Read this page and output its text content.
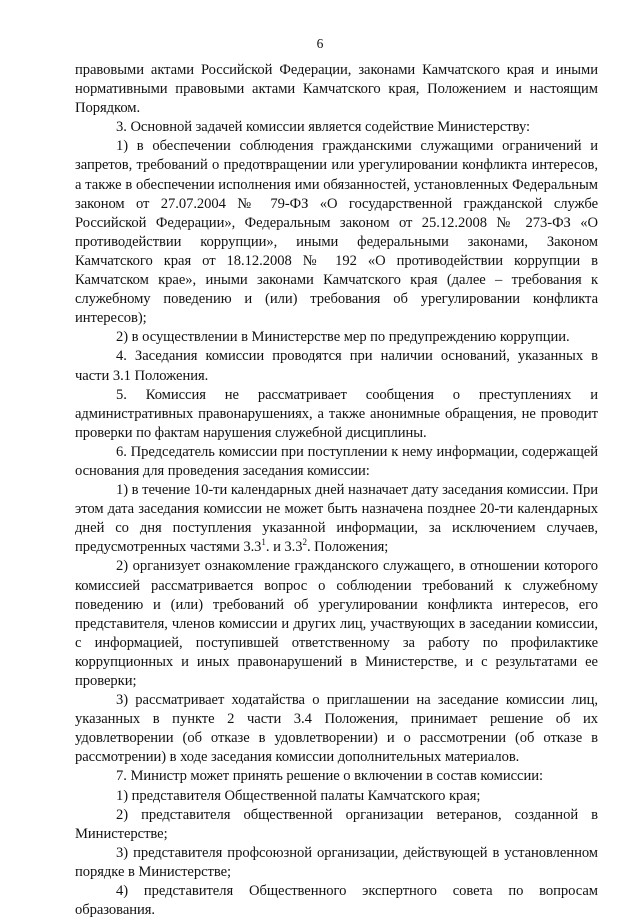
6

правовыми актами Российской Федерации, законами Камчатского края и иными нормативными правовыми актами Камчатского края, Положением и настоящим Порядком.

3. Основной задачей комиссии является содействие Министерству:

1) в обеспечении соблюдения гражданскими служащими ограничений и запретов, требований о предотвращении или урегулировании конфликта интересов, а также в обеспечении исполнения ими обязанностей, установленных Федеральным законом от 27.07.2004 № 79-ФЗ «О государственной гражданской службе Российской Федерации», Федеральным законом от 25.12.2008 № 273-ФЗ «О противодействии коррупции», иными федеральными законами, Законом Камчатского края от 18.12.2008 № 192 «О противодействии коррупции в Камчатском крае», иными законами Камчатского края (далее – требования к служебному поведению и (или) требования об урегулировании конфликта интересов);

2) в осуществлении в Министерстве мер по предупреждению коррупции.

4. Заседания комиссии проводятся при наличии оснований, указанных в части 3.1 Положения.

5. Комиссия не рассматривает сообщения о преступлениях и административных правонарушениях, а также анонимные обращения, не проводит проверки по фактам нарушения служебной дисциплины.

6. Председатель комиссии при поступлении к нему информации, содержащей основания для проведения заседания комиссии:

1) в течение 10-ти календарных дней назначает дату заседания комиссии. При этом дата заседания комиссии не может быть назначена позднее 20-ти календарных дней со дня поступления указанной информации, за исключением случаев, предусмотренных частями $3.3^1$. и $3.3^2$. Положения;

2) организует ознакомление гражданского служащего, в отношении которого комиссией рассматривается вопрос о соблюдении требований к служебному поведению и (или) требований об урегулировании конфликта интересов, его представителя, членов комиссии и других лиц, участвующих в заседании комиссии, с информацией, поступившей ответственному за работу по профилактике коррупционных и иных правонарушений в Министерстве, и с результатами ее проверки;

3) рассматривает ходатайства о приглашении на заседание комиссии лиц, указанных в пункте 2 части 3.4 Положения, принимает решение об их удовлетворении (об отказе в удовлетворении) и о рассмотрении (об отказе в рассмотрении) в ходе заседания комиссии дополнительных материалов.

7. Министр может принять решение о включении в состав комиссии:

1) представителя Общественной палаты Камчатского края;

2) представителя общественной организации ветеранов, созданной в Министерстве;

3) представителя профсоюзной организации, действующей в установленном порядке в Министерстве;

4) представителя Общественного экспертного совета по вопросам образования.
